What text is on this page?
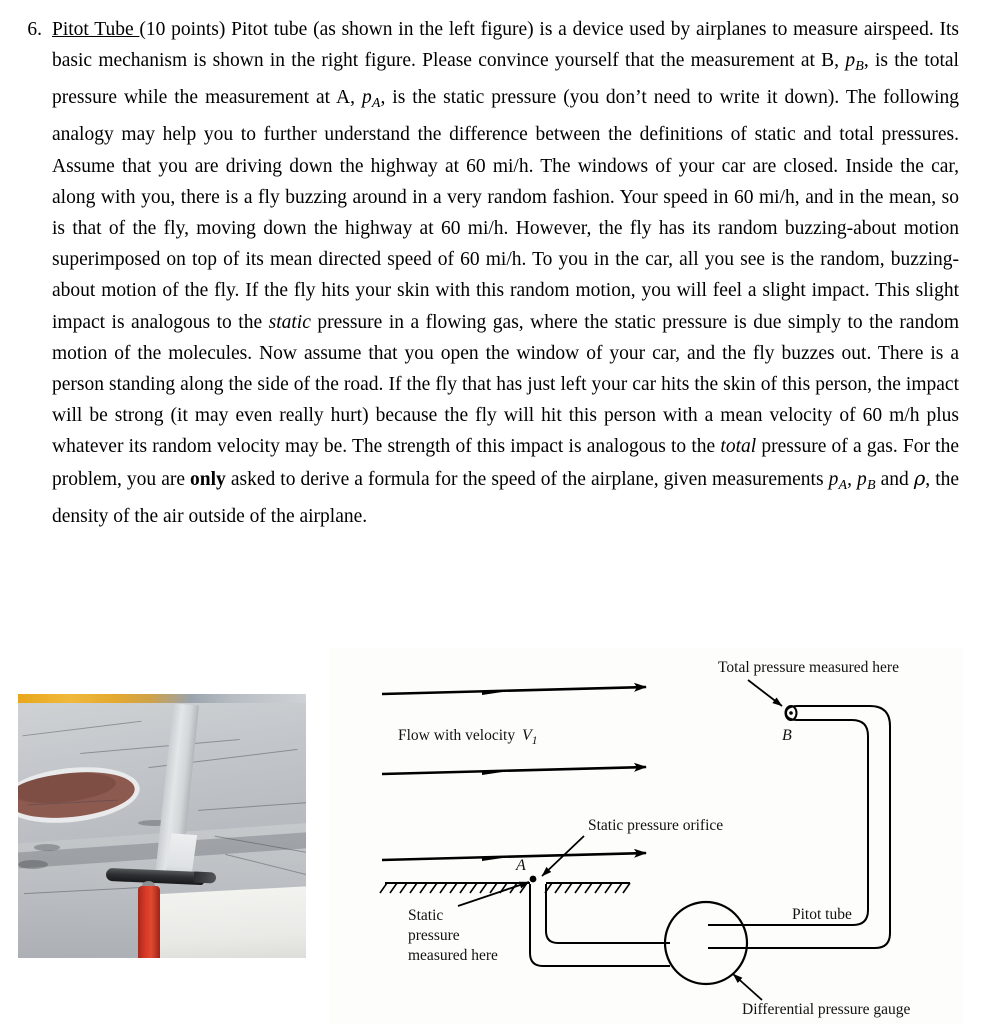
6. Pitot Tube (10 points) Pitot tube (as shown in the left figure) is a device used by airplanes to measure airspeed. Its basic mechanism is shown in the right figure. Please convince yourself that the measurement at B, $p_B$, is the total pressure while the measurement at A, $p_A$, is the static pressure (you don’t need to write it down). The following analogy may help you to further understand the difference between the definitions of static and total pressures. Assume that you are driving down the highway at 60 mi/h. The windows of your car are closed. Inside the car, along with you, there is a fly buzzing around in a very random fashion. Your speed in 60 mi/h, and in the mean, so is that of the fly, moving down the highway at 60 mi/h. However, the fly has its random buzzing-about motion superimposed on top of its mean directed speed of 60 mi/h. To you in the car, all you see is the random, buzzing-about motion of the fly. If the fly hits your skin with this random motion, you will feel a slight impact. This slight impact is analogous to the static pressure in a flowing gas, where the static pressure is due simply to the random motion of the molecules. Now assume that you open the window of your car, and the fly buzzes out. There is a person standing along the side of the road. If the fly that has just left your car hits the skin of this person, the impact will be strong (it may even really hurt) because the fly will hit this person with a mean velocity of 60 m/h plus whatever its random velocity may be. The strength of this impact is analogous to the total pressure of a gas. For the problem, you are only asked to derive a formula for the speed of the airplane, given measurements $p_A$, $p_B$ and ρ, the density of the air outside of the airplane.
Flow with velocity $V_1$
A
B
Total pressure measured here
Static pressure orifice
Static
pressure
measured here
Pitot tube
Differential pressure gauge
